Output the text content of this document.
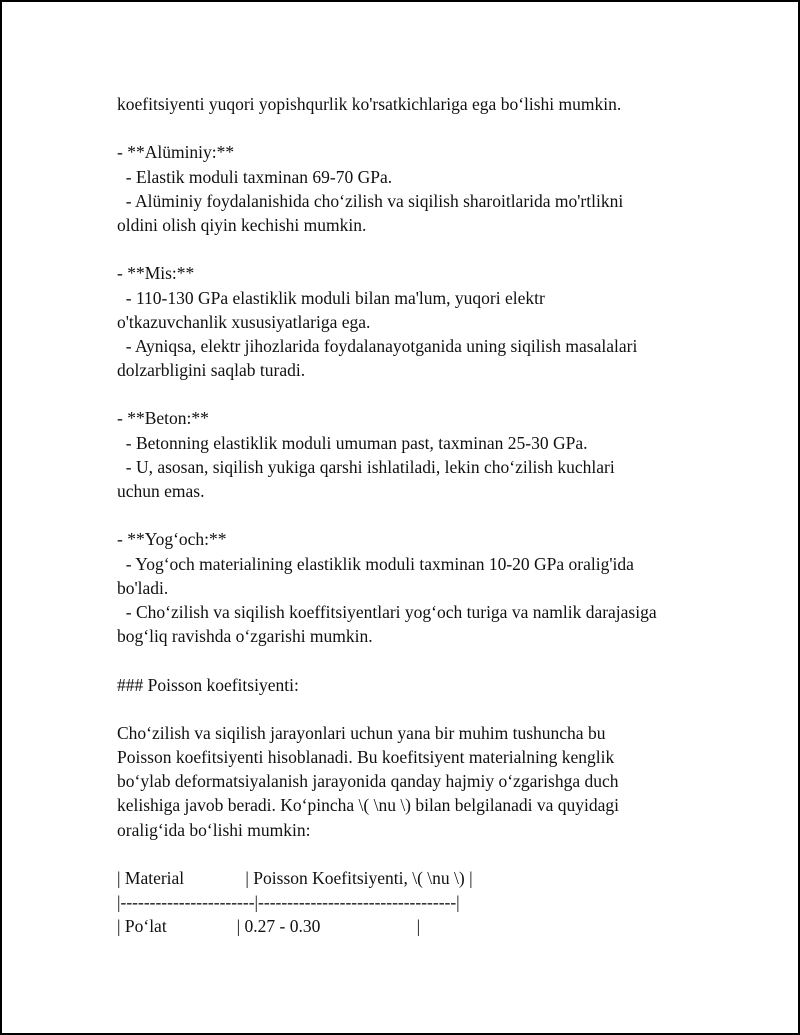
koefitsiyenti yuqori yopishqurlik ko'rsatkichlariga ega bo‘lishi mumkin.
- **Alüminiy:**
- Elastik moduli taxminan 69-70 GPa.
- Alüminiy foydalanishida cho‘zilish va siqilish sharoitlarida mo'rtlikni
oldini olish qiyin kechishi mumkin.
- **Mis:**
- 110-130 GPa elastiklik moduli bilan ma'lum, yuqori elektr
o'tkazuvchanlik xususiyatlariga ega.
- Ayniqsa, elektr jihozlarida foydalanayotganida uning siqilish masalalari
dolzarbligini saqlab turadi.
- **Beton:**
- Betonning elastiklik moduli umuman past, taxminan 25-30 GPa.
- U, asosan, siqilish yukiga qarshi ishlatiladi, lekin cho‘zilish kuchlari
uchun emas.
- **Yog‘och:**
- Yog‘och materialining elastiklik moduli taxminan 10-20 GPa oralig'ida
bo'ladi.
- Cho‘zilish va siqilish koeffitsiyentlari yog‘och turiga va namlik darajasiga
bog‘liq ravishda o‘zgarishi mumkin.
### Poisson koefitsiyenti:
Cho‘zilish va siqilish jarayonlari uchun yana bir muhim tushuncha bu
Poisson koefitsiyenti hisoblanadi. Bu koefitsiyent materialning kenglik
bo‘ylab deformatsiyalanish jarayonida qanday hajmiy o‘zgarishga duch
kelishiga javob beradi. Ko‘pincha \( \nu \) bilan belgilanadi va quyidagi
oralig‘ida bo‘lishi mumkin:
| Material              | Poisson Koefitsiyenti, \( \nu \) |
|-----------------------|----------------------------------|
| Po‘lat                | 0.27 - 0.30                      |
